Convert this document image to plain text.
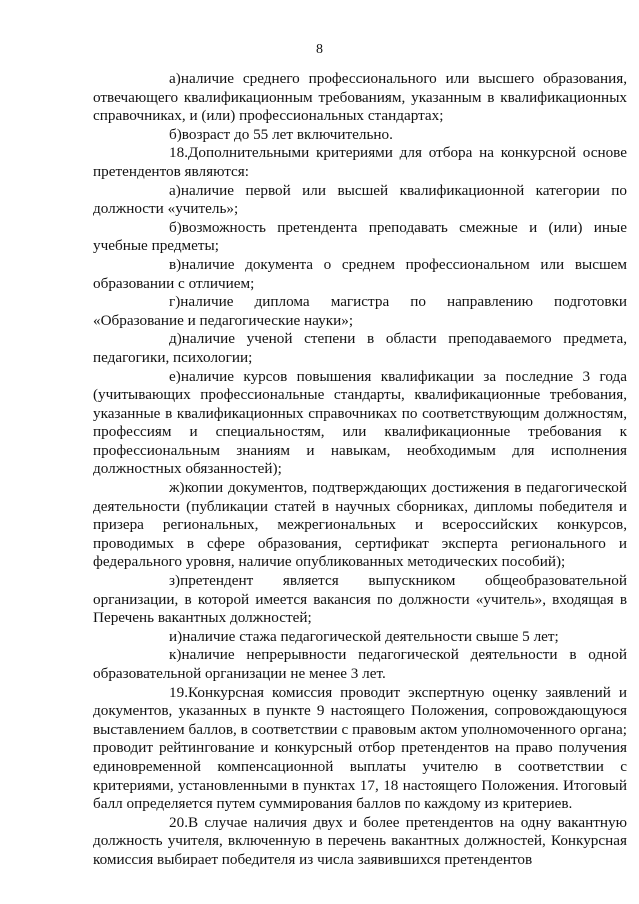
8

а)наличие среднего профессионального или высшего образования, отвечающего квалификационным требованиям, указанным в квалификационных справочниках, и (или) профессиональных стандартах;

б)возраст до 55 лет включительно.

18.Дополнительными критериями для отбора на конкурсной основе претендентов являются:

а)наличие первой или высшей квалификационной категории по должности «учитель»;

б)возможность претендента преподавать смежные и (или) иные учебные предметы;

в)наличие документа о среднем профессиональном или высшем образовании с отличием;

г)наличие диплома магистра по направлению подготовки «Образование и педагогические науки»;

д)наличие ученой степени в области преподаваемого предмета, педагогики, психологии;

е)наличие курсов повышения квалификации за последние 3 года (учитывающих профессиональные стандарты, квалификационные требования, указанные в квалификационных справочниках по соответствующим должностям, профессиям и специальностям, или квалификационные требования к профессиональным знаниям и навыкам, необходимым для исполнения должностных обязанностей);

ж)копии документов, подтверждающих достижения в педагогической деятельности (публикации статей в научных сборниках, дипломы победителя и призера региональных, межрегиональных и всероссийских конкурсов, проводимых в сфере образования, сертификат эксперта регионального и федерального уровня, наличие опубликованных методических пособий);

з)претендент является выпускником общеобразовательной организации, в которой имеется вакансия по должности «учитель», входящая в Перечень вакантных должностей;

и)наличие стажа педагогической деятельности свыше 5 лет;

к)наличие непрерывности педагогической деятельности в одной образовательной организации не менее 3 лет.

19.Конкурсная комиссия проводит экспертную оценку заявлений и документов, указанных в пункте 9 настоящего Положения, сопровождающуюся выставлением баллов, в соответствии с правовым актом уполномоченного органа; проводит рейтингование и конкурсный отбор претендентов на право получения единовременной компенсационной выплаты учителю в соответствии с критериями, установленными в пунктах 17, 18 настоящего Положения. Итоговый балл определяется путем суммирования баллов по каждому из критериев.

20.В случае наличия двух и более претендентов на одну вакантную должность учителя, включенную в перечень вакантных должностей, Конкурсная комиссия выбирает победителя из числа заявившихся претендентов
